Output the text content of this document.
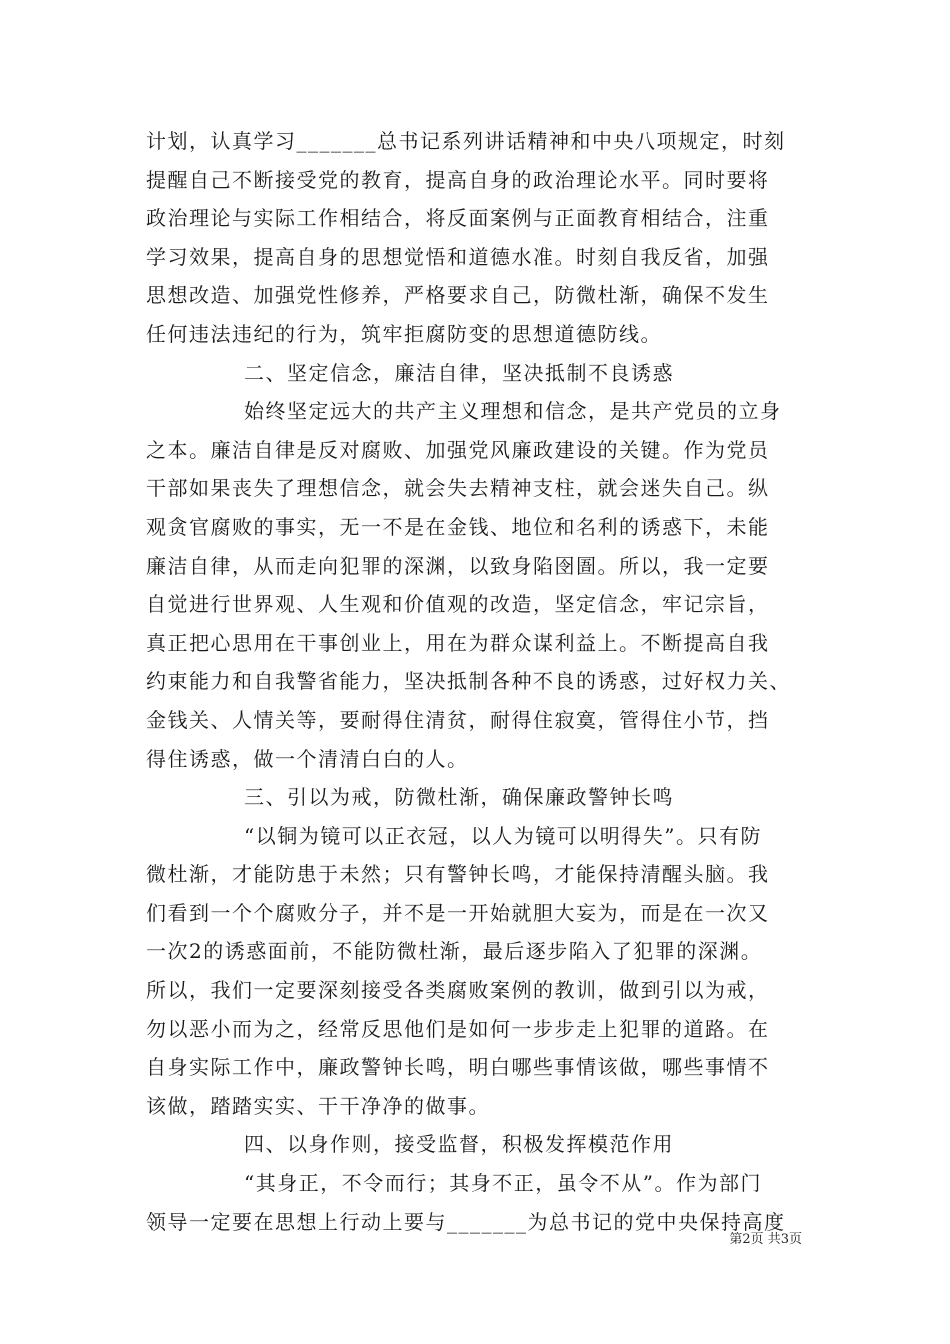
计划，认真学习_______总书记系列讲话精神和中央八项规定，时刻
提醒自己不断接受党的教育，提高自身的政治理论水平。同时要将
政治理论与实际工作相结合，将反面案例与正面教育相结合，注重
学习效果，提高自身的思想觉悟和道德水准。时刻自我反省，加强
思想改造、加强党性修养，严格要求自己，防微杜渐，确保不发生
任何违法违纪的行为，筑牢拒腐防变的思想道德防线。
二、坚定信念，廉洁自律，坚决抵制不良诱惑
始终坚定远大的共产主义理想和信念，是共产党员的立身
之本。廉洁自律是反对腐败、加强党风廉政建设的关键。作为党员
干部如果丧失了理想信念，就会失去精神支柱，就会迷失自己。纵
观贪官腐败的事实，无一不是在金钱、地位和名利的诱惑下，未能
廉洁自律，从而走向犯罪的深渊，以致身陷囹圄。所以，我一定要
自觉进行世界观、人生观和价值观的改造，坚定信念，牢记宗旨，
真正把心思用在干事创业上，用在为群众谋利益上。不断提高自我
约束能力和自我警省能力，坚决抵制各种不良的诱惑，过好权力关、
金钱关、人情关等，要耐得住清贫，耐得住寂寞，管得住小节，挡
得住诱惑，做一个清清白白的人。
三、引以为戒，防微杜渐，确保廉政警钟长鸣
“以铜为镜可以正衣冠，以人为镜可以明得失”。只有防
微杜渐，才能防患于未然；只有警钟长鸣，才能保持清醒头脑。我
们看到一个个腐败分子，并不是一开始就胆大妄为，而是在一次又
一次2的诱惑面前，不能防微杜渐，最后逐步陷入了犯罪的深渊。
所以，我们一定要深刻接受各类腐败案例的教训，做到引以为戒，
勿以恶小而为之，经常反思他们是如何一步步走上犯罪的道路。在
自身实际工作中，廉政警钟长鸣，明白哪些事情该做，哪些事情不
该做，踏踏实实、干干净净的做事。
四、以身作则，接受监督，积极发挥模范作用
“其身正，不令而行；其身不正，虽令不从”。作为部门
领导一定要在思想上行动上要与_______为总书记的党中央保持高度
第2页 共3页
